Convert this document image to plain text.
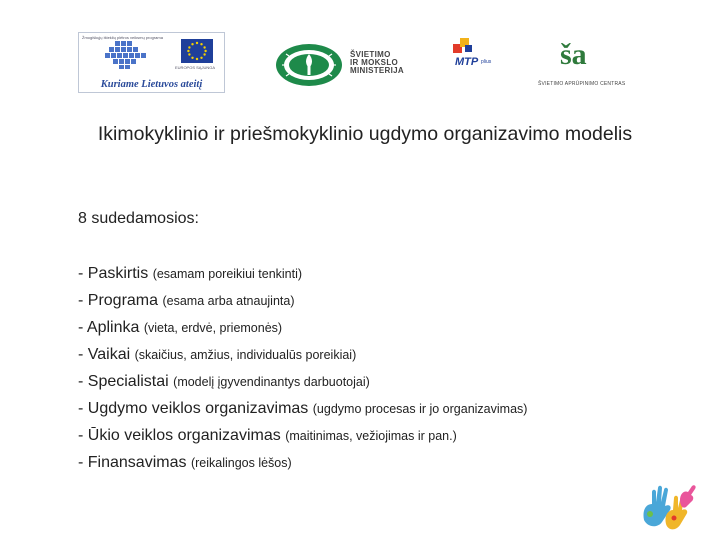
Žmogiškųjų išteklių plėtros veiksmų programa
EUROPOS SĄJUNGA
Kuriame Lietuvos ateitį
ŠVIETIMO
IR MOKSLO
MINISTERIJA
MTP plius ša
ŠVIETIMO APRŪPINIMO CENTRAS
Ikimokyklinio ir priešmokyklinio ugdymo organizavimo modelis
8 sudedamosios:
- Paskirtis (esamam poreikiui tenkinti)
- Programa (esama arba atnaujinta)
- Aplinka (vieta, erdvė, priemonės)
- Vaikai (skaičius, amžius, individualūs poreikiai)
- Specialistai (modelį įgyvendinantys darbuotojai)
- Ugdymo veiklos organizavimas (ugdymo procesas ir jo organizavimas)
- Ūkio veiklos organizavimas (maitinimas, vežiojimas ir pan.)
- Finansavimas (reikalingos lėšos)
